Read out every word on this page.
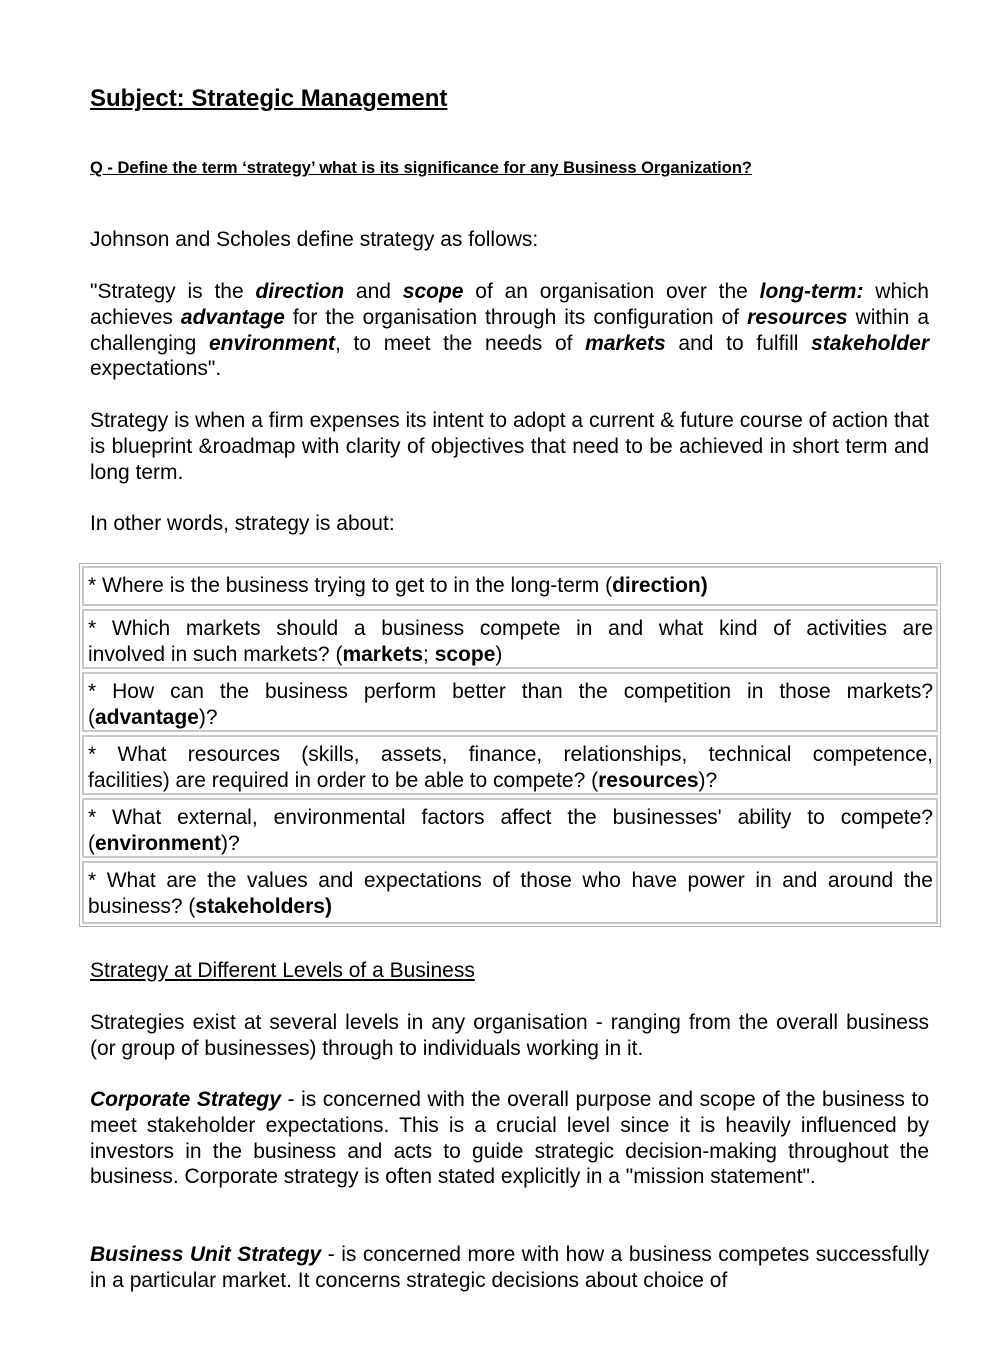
Subject: Strategic Management

Q - Define the term ‘strategy’ what is its significance for any Business Organization?

Johnson and Scholes define strategy as follows:

"Strategy is the direction and scope of an organisation over the long-term: which achieves advantage for the organisation through its configuration of resources within a challenging environment, to meet the needs of markets and to fulfill stakeholder expectations".

Strategy is when a firm expenses its intent to adopt a current & future course of action that is blueprint &roadmap with clarity of objectives that need to be achieved in short term and long term.

In other words, strategy is about:

* Where is the business trying to get to in the long-term (direction)
* Which markets should a business compete in and what kind of activities are
involved in such markets? (markets; scope)
* How can the business perform better than the competition in those markets?
(advantage)?
* What resources (skills, assets, finance, relationships, technical competence,
facilities) are required in order to be able to compete? (resources)?
* What external, environmental factors affect the businesses' ability to compete?
(environment)?
* What are the values and expectations of those who have power in and around the
business? (stakeholders)

Strategy at Different Levels of a Business

Strategies exist at several levels in any organisation - ranging from the overall business (or group of businesses) through to individuals working in it.

Corporate Strategy - is concerned with the overall purpose and scope of the business to meet stakeholder expectations. This is a crucial level since it is heavily influenced by investors in the business and acts to guide strategic decision-making throughout the business. Corporate strategy is often stated explicitly in a "mission statement".

Business Unit Strategy - is concerned more with how a business competes successfully in a particular market. It concerns strategic decisions about choice of
